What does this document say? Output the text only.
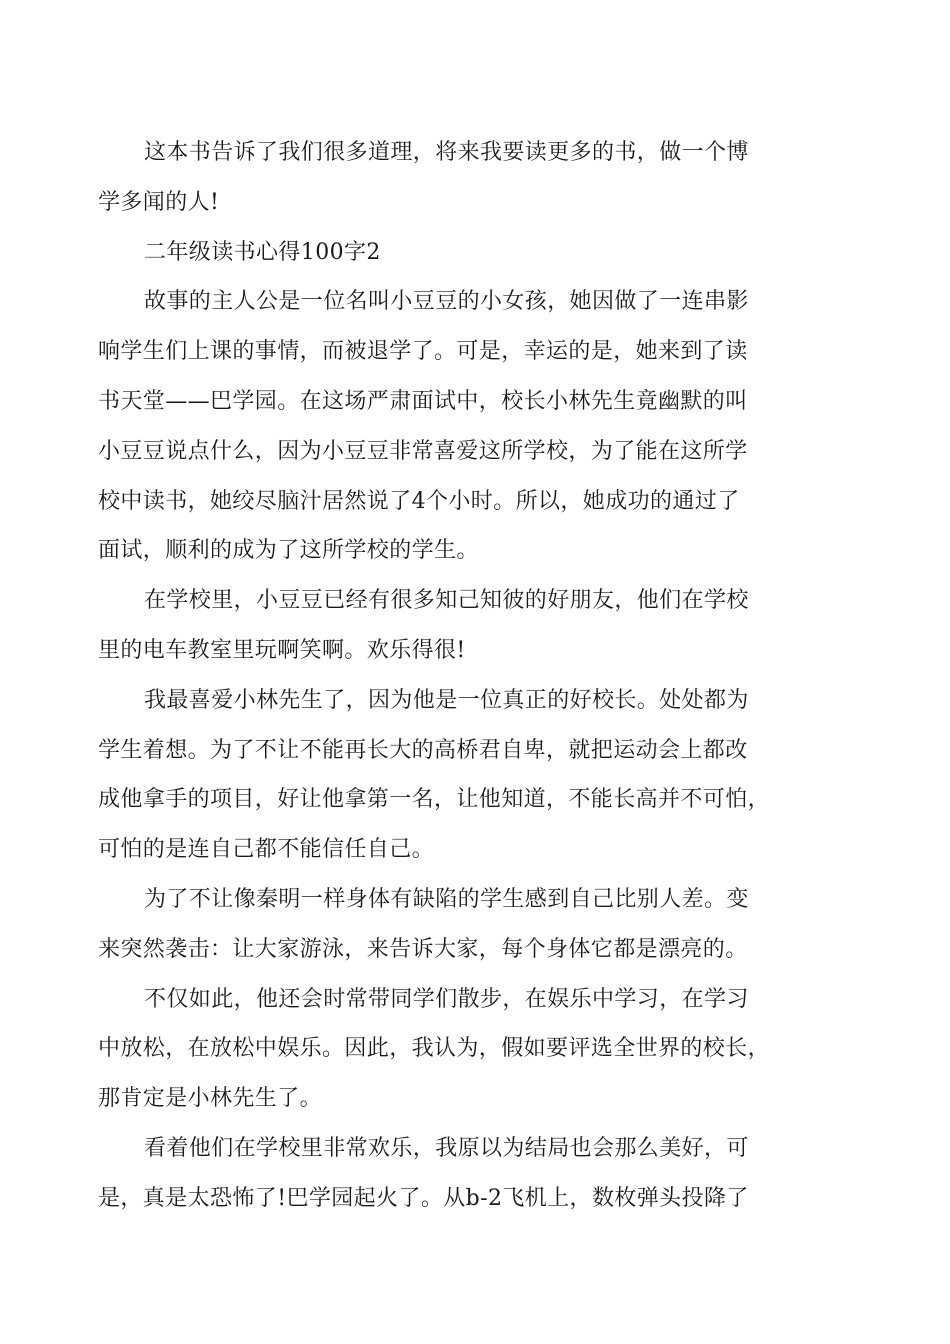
这本书告诉了我们很多道理，将来我要读更多的书，做一个博
学多闻的人!

二年级读书心得100字2

故事的主人公是一位名叫小豆豆的小女孩，她因做了一连串影
响学生们上课的事情，而被退学了。可是，幸运的是，她来到了读
书天堂——巴学园。在这场严肃面试中，校长小林先生竟幽默的叫
小豆豆说点什么，因为小豆豆非常喜爱这所学校，为了能在这所学
校中读书，她绞尽脑汁居然说了4个小时。所以，她成功的通过了
面试，顺利的成为了这所学校的学生。

在学校里，小豆豆已经有很多知己知彼的好朋友，他们在学校
里的电车教室里玩啊笑啊。欢乐得很!

我最喜爱小林先生了，因为他是一位真正的好校长。处处都为
学生着想。为了不让不能再长大的高桥君自卑，就把运动会上都改
成他拿手的项目，好让他拿第一名，让他知道，不能长高并不可怕，
可怕的是连自己都不能信任自己。

为了不让像秦明一样身体有缺陷的学生感到自己比别人差。变
来突然袭击：让大家游泳，来告诉大家，每个身体它都是漂亮的。

不仅如此，他还会时常带同学们散步，在娱乐中学习，在学习
中放松，在放松中娱乐。因此，我认为，假如要评选全世界的校长，
那肯定是小林先生了。

看着他们在学校里非常欢乐，我原以为结局也会那么美好，可
是，真是太恐怖了!巴学园起火了。从b-2飞机上，数枚弹头投降了
